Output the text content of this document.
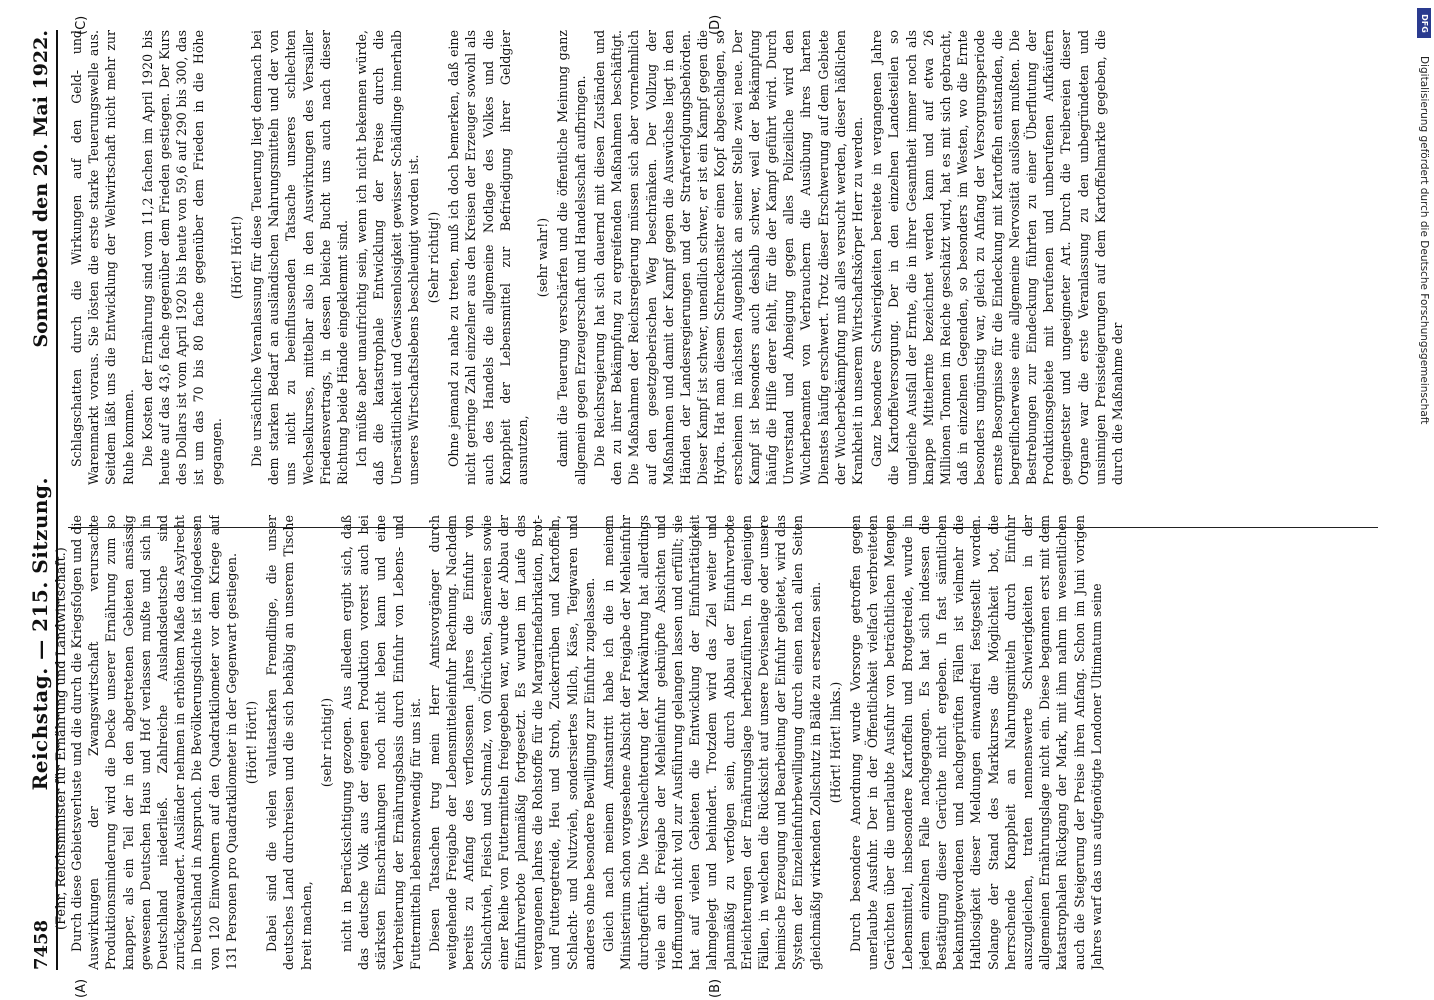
7458
Reichstag. — 215. Sitzung.
Sonnabend den 20. Mai 1922.
(Fehr, Reichsminister für Ernährung und Landwirtschaft.) Durch diese Gebietsverluste und die durch die Kriegsfolgen und die Auswirkungen der Zwangswirtschaft verursachte Produktionsminderung wird die Decke unserer Ernährung zum so knapper, als ein Teil der in den abgetretenen Gebieten ansässig gewesenen Deutschen Haus und Hof verlassen mußte und sich in Deutschland niederließ. Zahlreiche Auslandsdeutsche sind zurückgewandert. Ausländer nehmen in erhöhtem Maße das Asylrecht in Deutschland in Anspruch. Die Bevölkerungsdichte ist infolgedessen von 120 Einwohnern auf den Quadratkilometer vor dem Kriege auf 131 Personen pro Quadratkilometer in der Gegenwart gestiegen. (Hört! Hört!) Dabei sind die vielen valutastarken Fremdlinge, die unser deutsches Land durchreisen und die sich behäbig an unserem Tische breit machen,

(sehr richtig!) nicht in Berücksichtigung gezogen. Aus alledem ergibt sich, daß das deutsche Volk aus der eigenen Produktion vorerst auch bei stärksten Einschränkungen noch nicht leben kann und eine Verbreiterung der Ernährungsbasis durch Einfuhr von Lebens- und Futtermitteln lebensnotwendig für uns ist. Diesen Tatsachen trug mein Herr Amtsvorgänger durch weitgehende Freigabe der Lebensmitteleinfuhr Rechnung. Nachdem bereits zu Anfang des verflossenen Jahres die Einfuhr von Schlachtvieh, Fleisch und Schmalz, von Ölfrüchten, Sämereien sowie einer Reihe von Futtermitteln freigegeben war, wurde der Abbau der Einfuhrverbote planmäßig fortgesetzt. Es wurden im Laufe des vergangenen Jahres die Rohstoffe für die Margarinefabrikation, Brot- und Futtergetreide, Heu und Stroh, Zuckerrüben und Kartoffeln, Schlacht- und Nutzvieh, sondersiertes Milch, Käse, Teigwaren und anderes ohne besondere Bewilligung zur Einfuhr zugelassen. Gleich nach meinem Amtsantritt habe ich die in meinem Ministerium schon vorgesehene Absicht der Freigabe der Mehleinfuhr durchgeführt. Die Verschlechterung der Markwährung hat allerdings viele an die Freigabe der Mehleinfuhr geknüpfte Absichten und Hoffnungen nicht voll zur Ausführung gelangen lassen und erfüllt; sie hat auf vielen Gebieten die Entwicklung der Einfuhrtätigkeit lahmgelegt und behindert. Trotzdem wird das Ziel weiter und planmäßig zu verfolgen sein, durch Abbau der Einfuhrverbote Erleichterungen der Ernährungslage herbeizuführen. In denjenigen Fällen, in welchen die Rücksicht auf unsere Devisenlage oder unsere heimische Erzeugung und Bearbeitung der Einfuhr gebietet, wird das System der Einzeleinfuhrbewilligung durch einen nach allen Seiten gleichmäßig wirkenden Zollschutz in Bälde zu ersetzen sein. (Hört! Hört! links.) Durch besondere Anordnung wurde Vorsorge getroffen gegen unerlaubte Ausfuhr. Der in der Öffentlichkeit vielfach verbreiteten Gerüchten über die unerlaubte Ausfuhr von beträchtlichen Mengen Lebensmittel, insbesondere Kartoffeln und Brotgetreide, wurde in jedem einzelnen Falle nachgegangen. Es hat sich indessen die Bestätigung dieser Gerüchte nicht ergeben. In fast sämtlichen bekanntgewordenen und nachgeprüften Fällen ist vielmehr die Haltlosigkeit dieser Meldungen einwandfrei festgestellt worden. Solange der Stand des Markkurses die Möglichkeit bot, die herrschende Knappheit an Nahrungsmitteln durch Einfuhr auszugleichen, traten nennenswerte Schwierigkeiten in der allgemeinen Ernährungslage nicht ein. Diese begannen erst mit dem katastrophalen Rückgang der Mark, mit ihm nahm im wesentlichen auch die Steigerung der Preise ihren Anfang. Schon im Juni vorigen Jahres warf das uns aufgenötigte Londoner Ultimatum seine

Schlagschatten durch die Wirkungen auf den Geld- und Warenmarkt voraus. Sie lösten die erste starke Teuerungswelle aus. Seitdem läßt uns die Entwicklung der Weltwirtschaft nicht mehr zur Ruhe kommen. Die Kosten der Ernährung sind vom 11,2 fachen im April 1920 bis heute auf das 43,6 fache gegenüber dem Frieden gestiegen. Der Kurs des Dollars ist vom April 1920 bis heute von 59,6 auf 290 bis 300, das ist um das 70 bis 80 fache gegenüber dem Frieden in die Höhe gegangen.

(Hört! Hört!) Die ursächliche Veranlassung für diese Teuerung liegt demnach bei dem starken Bedarf an ausländischen Nahrungsmitteln und der von uns nicht zu beeinflussenden Tatsache unseres schlechten Wechselkurses, mittelbar also in den Auswirkungen des Versailler Friedensvertrags, in dessen bleiche Bucht uns auch nach dieser Richtung beide Hände eingeklemmt sind. Ich müßte aber unaufrichtig sein, wenn ich nicht bekennen würde, daß die katastrophale Entwicklung der Preise durch die Unersättlichkeit und Gewissenlosigkeit gewisser Schädlinge innerhalb unseres Wirtschaftslebens beschleunigt worden ist. (Sehr richtig!) Ohne jemand zu nahe zu treten, muß ich doch bemerken, daß eine nicht geringe Zahl einzelner aus den Kreisen der Erzeuger sowohl als auch des Handels die allgemeine Notlage des Volkes und die Knappheit der Lebensmittel zur Befriedigung ihrer Geldgier ausnutzen,

(sehr wahr!) damit die Teuerung verschärfen und die öffentliche Meinung ganz allgemein gegen Erzeugerschaft und Handelsschaft aufbringen. Die Reichsregierung hat sich dauernd mit diesen Zuständen und den zu ihrer Bekämpfung zu ergreifenden Maßnahmen beschäftigt. Die Maßnahmen der Reichsregierung müssen sich aber vornehmlich auf den gesetzgeberischen Weg beschränken. Der Vollzug der Maßnahmen und damit der Kampf gegen die Auswüchse liegt in den Händen der Landesregierungen und der Strafverfolgungsbehörden. Dieser Kampf ist schwer, unendlich schwer, er ist ein Kampf gegen die Hydra. Hat man diesem Schreckensiter einen Kopf abgeschlagen, so erscheinen im nächsten Augenblick an seiner Stelle zwei neue. Der Kampf ist besonders auch deshalb schwer, weil der Bekämpfung häufig die Hilfe derer fehlt, für die der Kampf geführt wird. Durch Unverstand und Abneigung gegen alles Polizeiliche wird den Wucherbeamten von Verbrauchern die Ausübung ihres harten Dienstes häufig erschwert. Trotz dieser Erschwerung auf dem Gebiete der Wucherbekämpfung muß alles versucht werden, dieser häßlichen Krankheit in unserem Wirtschaftskörper Herr zu werden. Ganz besondere Schwierigkeiten bereitete in vergangenen Jahre die Kartoffelversorgung. Der in den einzelnen Landesteilen so ungleiche Ausfall der Ernte, die in ihrer Gesamtheit immer noch als knappe Mittelernte bezeichnet werden kann und auf etwa 26 Millionen Tonnen im Reiche geschätzt wird, hat es mit sich gebracht, daß in einzelnen Gegenden, so besonders im Westen, wo die Ernte besonders ungünstig war, gleich zu Anfang der Versorgungsperiode ernste Besorgnisse für die Eindeckung mit Kartoffeln entstanden, die begreiflicherweise eine allgemeine Nervosität auslösen mußten. Die Bestrebungen zur Eindeckung führten zu einer Überflutung der Produktionsgebiete mit berufenen und unberufenen Aufkäufern geeignetster und ungeeigneter Art. Durch die Treibereien dieser Organe war die erste Veranlassung zu den unbegründeten und unsinnigen Preissteigerungen auf dem Kartoffelmarkte gegeben, die durch die Maßnahme der

(A)	(B)
(C)	(D)	DFG
Digitalisierung gefördert durch die Deutsche Forschungsgemeinschaft
